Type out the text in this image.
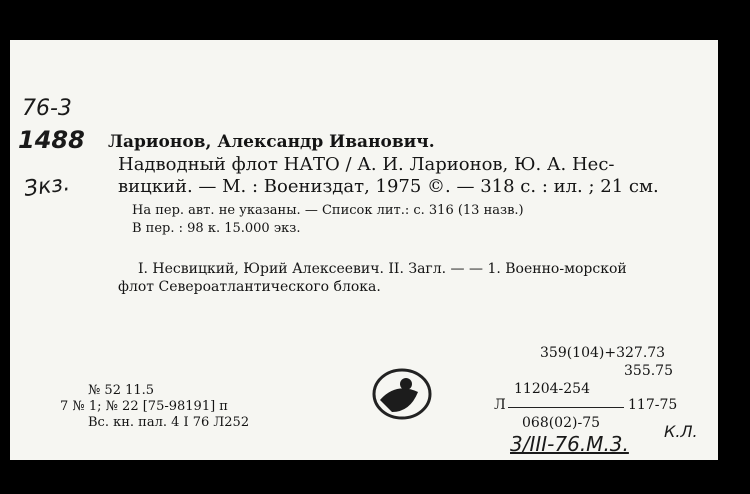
76-3
1488
Зкз.
Ларионов, Александр Иванович.
Надводный флот НАТО / А. И. Ларионов, Ю. А. Нес-
вицкий. — М. : Воениздат, 1975 ©. — 318 с. : ил. ; 21 см.
На пер. авт. не указаны. — Список лит.: с. 316 (13 назв.)
В пер. : 98 к. 15.000 экз.
I. Несвицкий, Юрий Алексеевич. II. Загл. — — 1. Военно-морской
флот Североатлантического блока.
359(104)+327.73
355.75
11204-254
Л	117-75
068(02)-75
3/III-76.М.3.
К.Л.
№ 52 11.5
7 № 1; № 22 [75-98191] п
Вс. кн. пал. 4 I 76 Л252
